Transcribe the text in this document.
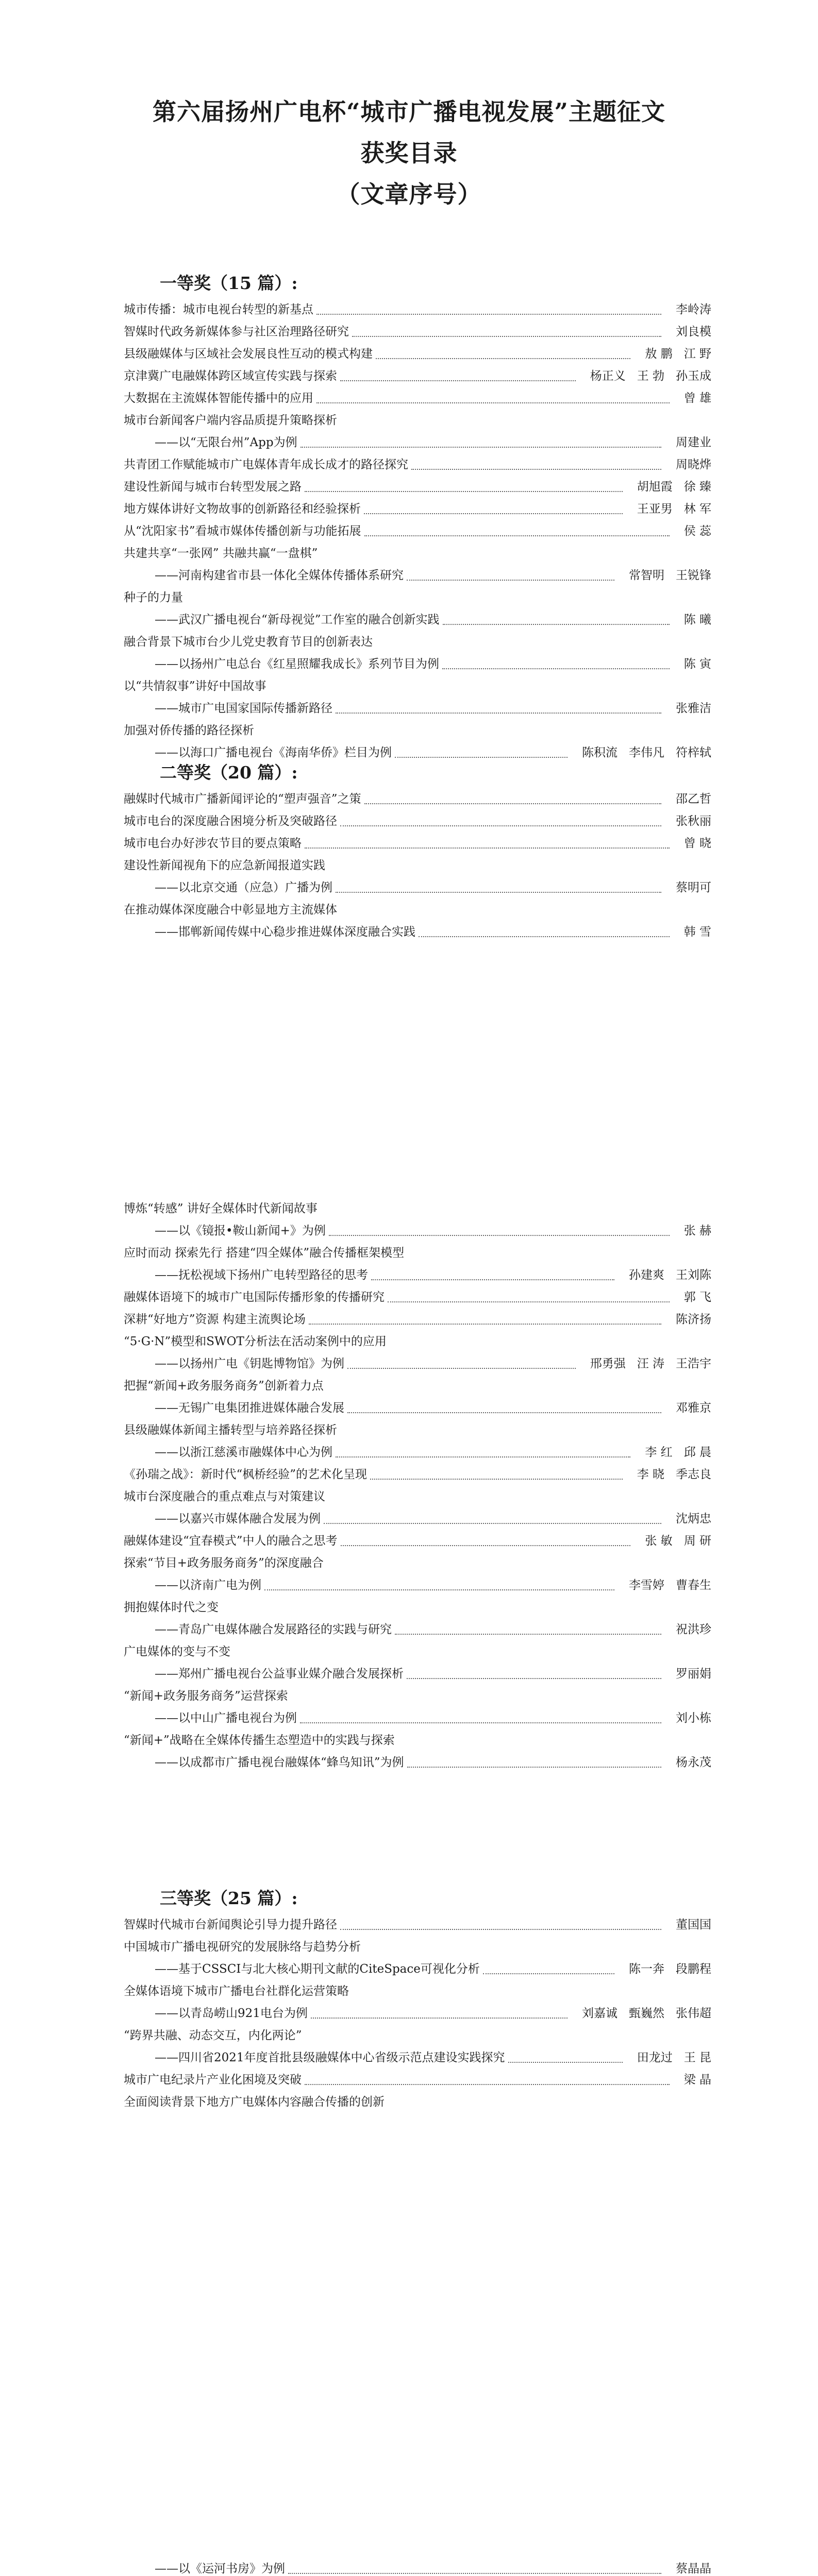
第六届扬州广电杯“城市广播电视发展”主题征文
获奖目录
（文章序号）
一等奖（15 篇）:
城市传播：城市电视台转型的新基点	李岭涛
智媒时代政务新媒体参与社区治理路径研究	刘良模
县级融媒体与区域社会发展良性互动的模式构建	敖 鹏 江 野
京津冀广电融媒体跨区域宣传实践与探索	杨正义 王 勃 孙玉成
大数据在主流媒体智能传播中的应用	曾 雄
城市台新闻客户端内容品质提升策略探析
——以“无限台州”App为例	周建业
共青团工作赋能城市广电媒体青年成长成才的路径探究	周晓烨
建设性新闻与城市台转型发展之路	胡旭霞 徐 臻
地方媒体讲好文物故事的创新路径和经验探析	王亚男 林 军
从“沈阳家书”看城市媒体传播创新与功能拓展	侯 蕊
共建共享“一张网” 共融共赢“一盘棋”
——河南构建省市县一体化全媒体传播体系研究	常智明 王锐锋
种子的力量
——武汉广播电视台“新母视觉”工作室的融合创新实践	陈 曦
融合背景下城市台少儿党史教育节目的创新表达
——以扬州广电总台《红星照耀我成长》系列节目为例	陈 寅
以“共情叙事”讲好中国故事
——城市广电国家国际传播新路径	张雅洁
加强对侨传播的路径探析
——以海口广播电视台《海南华侨》栏目为例	陈积流 李伟凡 符梓轼
二等奖（20 篇）:
融媒时代城市广播新闻评论的“塑声强音”之策	邵乙哲
城市电台的深度融合困境分析及突破路径	张秋丽
城市电台办好涉农节目的要点策略	曾 晓
建设性新闻视角下的应急新闻报道实践
——以北京交通（应急）广播为例	蔡明可
在推动媒体深度融合中彰显地方主流媒体
——邯郸新闻传媒中心稳步推进媒体深度融合实践	韩 雪
博炼“转感” 讲好全媒体时代新闻故事
——以《镜报•鞍山新闻+》为例	张 赫
应时而动 探索先行 搭建“四全媒体”融合传播框架模型
——抚松视域下扬州广电转型路径的思考	孙建爽 王刘陈
融媒体语境下的城市广电国际传播形象的传播研究	郭 飞
深耕“好地方”资源 构建主流舆论场	陈济扬
“5·G·N”模型和SWOT分析法在活动案例中的应用
——以扬州广电《钥匙博物馆》为例	邢勇强 汪 涛 王浩宇
把握“新闻+政务服务商务”创新着力点
——无锡广电集团推进媒体融合发展	邓雅京
县级融媒体新闻主播转型与培养路径探析
——以浙江慈溪市融媒体中心为例	李 红 邱 晨
《孙瑞之战》：新时代“枫桥经验”的艺术化呈现	李 晓 季志良
城市台深度融合的重点难点与对策建议
——以嘉兴市媒体融合发展为例	沈炳忠
融媒体建设“宜春模式”中人的融合之思考	张 敏 周 研
探索“节目+政务服务商务”的深度融合
——以济南广电为例	李雪婷 曹春生
拥抱媒体时代之变
——青岛广电媒体融合发展路径的实践与研究	祝洪珍
广电媒体的变与不变
——郑州广播电视台公益事业媒介融合发展探析	罗丽娟
“新闻+政务服务商务”运营探索
——以中山广播电视台为例	刘小栋
“新闻+”战略在全媒体传播生态塑造中的实践与探索
——以成都市广播电视台融媒体“蜂鸟知讯”为例	杨永茂
三等奖（25 篇）:
智媒时代城市台新闻舆论引导力提升路径	董国国
中国城市广播电视研究的发展脉络与趋势分析
——基于CSSCI与北大核心期刊文献的CiteSpace可视化分析	陈一奔 段鹏程
全媒体语境下城市广播电台社群化运营策略
——以青岛崂山921电台为例	刘嘉诚 甄巍然 张伟超
“跨界共融、动态交互，内化两论”
——四川省2021年度首批县级融媒体中心省级示范点建设实践探究	田龙过 王 昆
城市广电纪录片产业化困境及突破	梁 晶
全面阅读背景下地方广电媒体内容融合传播的创新
——以《运河书房》为例	蔡晶晶
